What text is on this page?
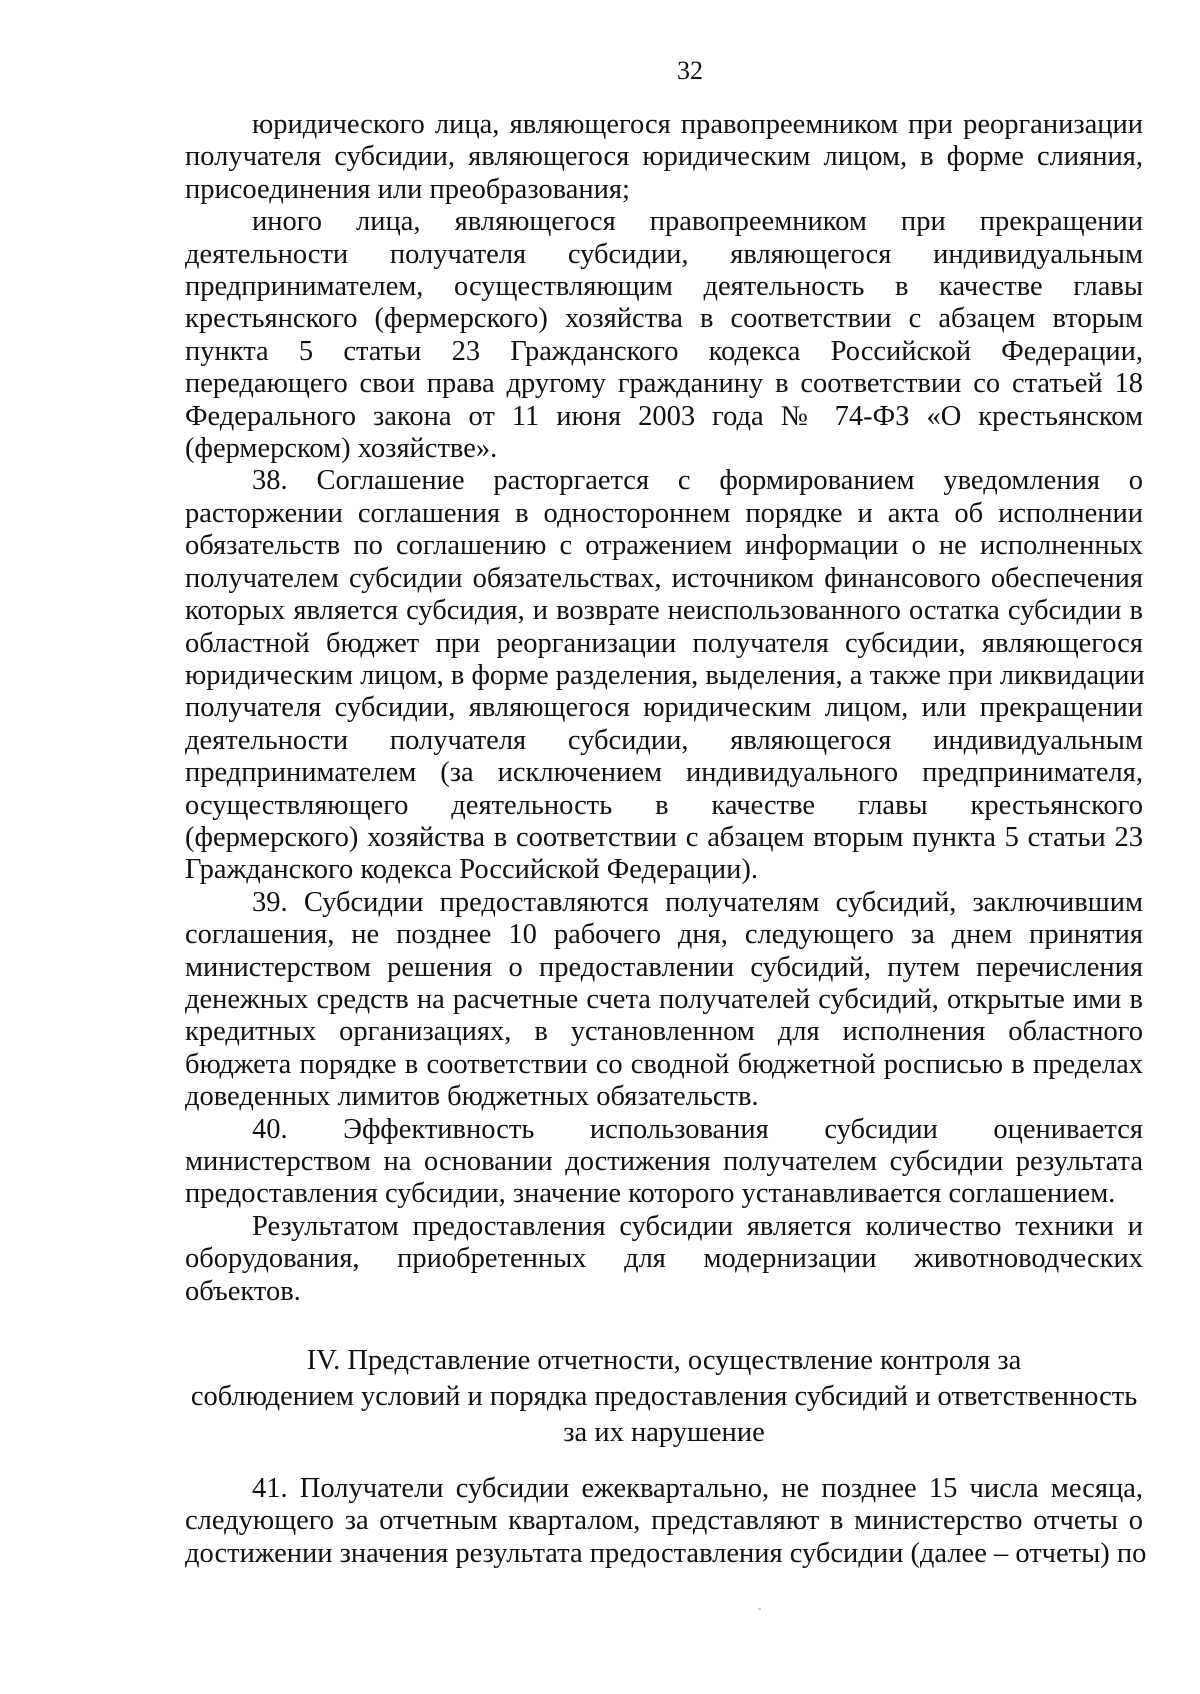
32
юридического лица, являющегося правопреемником при реорганизации
получателя субсидии, являющегося юридическим лицом, в форме слияния,
присоединения или преобразования;
иного лица, являющегося правопреемником при прекращении
деятельности получателя субсидии, являющегося индивидуальным
предпринимателем, осуществляющим деятельность в качестве главы
крестьянского (фермерского) хозяйства в соответствии с абзацем вторым
пункта 5 статьи 23 Гражданского кодекса Российской Федерации,
передающего свои права другому гражданину в соответствии со статьей 18
Федерального закона от 11 июня 2003 года № 74-ФЗ «О крестьянском
(фермерском) хозяйстве».
38. Соглашение расторгается с формированием уведомления о
расторжении соглашения в одностороннем порядке и акта об исполнении
обязательств по соглашению с отражением информации о не исполненных
получателем субсидии обязательствах, источником финансового обеспечения
которых является субсидия, и возврате неиспользованного остатка субсидии в
областной бюджет при реорганизации получателя субсидии, являющегося
юридическим лицом, в форме разделения, выделения, а также при ликвидации
получателя субсидии, являющегося юридическим лицом, или прекращении
деятельности получателя субсидии, являющегося индивидуальным
предпринимателем (за исключением индивидуального предпринимателя,
осуществляющего деятельность в качестве главы крестьянского
(фермерского) хозяйства в соответствии с абзацем вторым пункта 5 статьи 23
Гражданского кодекса Российской Федерации).
39. Субсидии предоставляются получателям субсидий, заключившим
соглашения, не позднее 10 рабочего дня, следующего за днем принятия
министерством решения о предоставлении субсидий, путем перечисления
денежных средств на расчетные счета получателей субсидий, открытые ими в
кредитных организациях, в установленном для исполнения областного
бюджета порядке в соответствии со сводной бюджетной росписью в пределах
доведенных лимитов бюджетных обязательств.
40. Эффективность использования субсидии оценивается
министерством на основании достижения получателем субсидии результата
предоставления субсидии, значение которого устанавливается соглашением.
Результатом предоставления субсидии является количество техники и
оборудования, приобретенных для модернизации животноводческих
объектов.
IV. Представление отчетности, осуществление контроля за
соблюдением условий и порядка предоставления субсидий и ответственность
за их нарушение
41. Получатели субсидии ежеквартально, не позднее 15 числа месяца,
следующего за отчетным кварталом, представляют в министерство отчеты о
достижении значения результата предоставления субсидии (далее – отчеты) по
